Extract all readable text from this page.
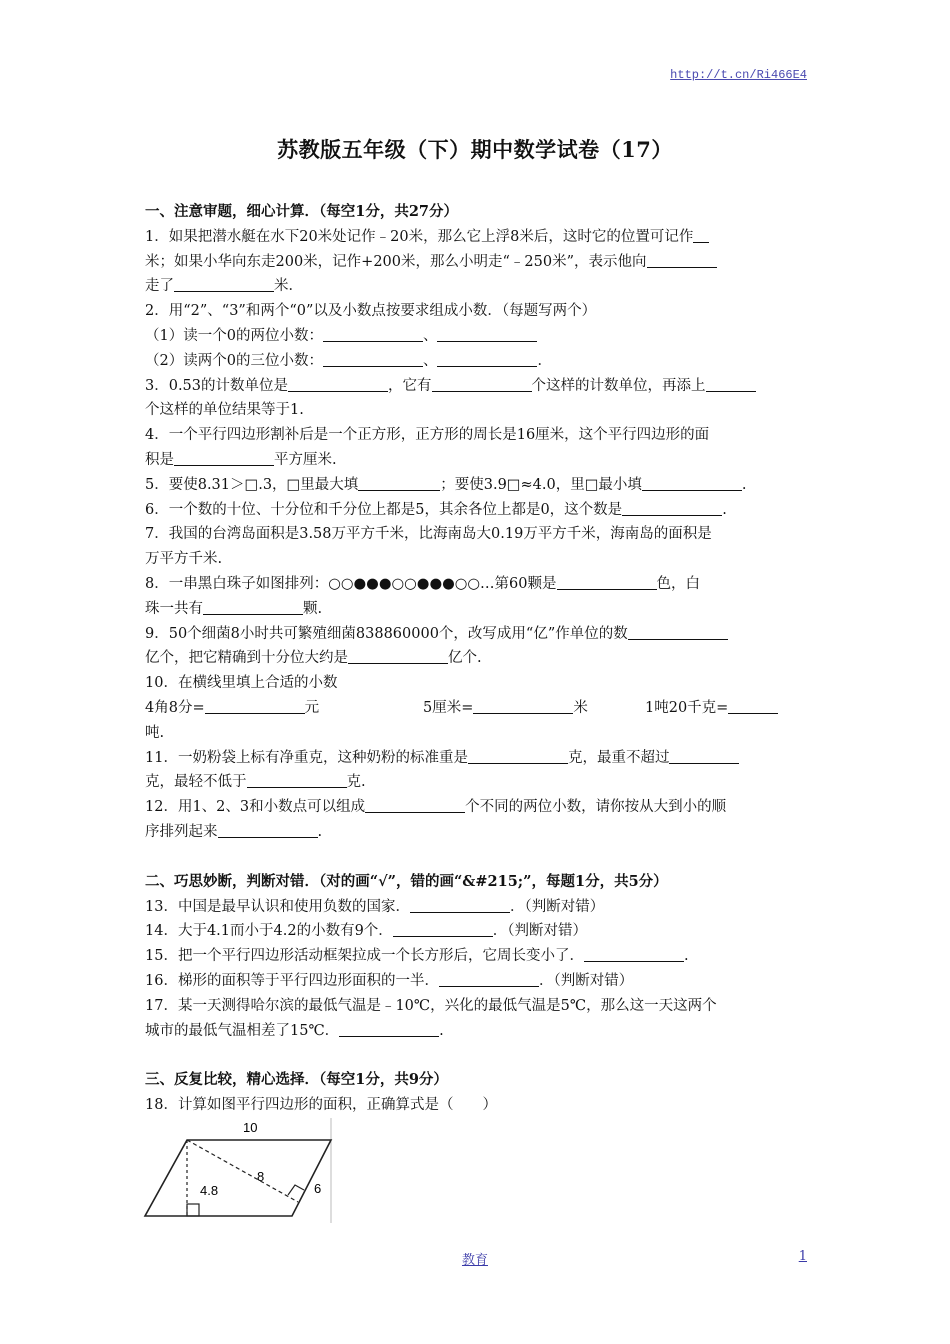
http://t.cn/Ri466E4
苏教版五年级（下）期中数学试卷（17）
一、注意审题，细心计算．（每空1分，共27分）
1．如果把潜水艇在水下20米处记作﹣20米，那么它上浮8米后，这时它的位置可记作
米；如果小华向东走200米，记作+200米，那么小明走“﹣250米”，表示他向
走了	米．
2．用“2”、“3”和两个“0”以及小数点按要求组成小数．（每题写两个）
（1）读一个0的两位小数：	、
（2）读两个0的三位小数：	、	．
3．0.53的计数单位是	，它有	个这样的计数单位，再添上
个这样的单位结果等于1.
4．一个平行四边形割补后是一个正方形，正方形的周长是16厘米，这个平行四边形的面
积是	平方厘米.
5．要使8.31＞□.3，□里最大填	；要使3.9□≈4.0，里□最小填	.
6．一个数的十位、十分位和千分位上都是5，其余各位上都是0，这个数是	.
7．我国的台湾岛面积是3.58万平方千米，比海南岛大0.19万平方千米，海南岛的面积是
万平方千米.
8．一串黑白珠子如图排列：○○●●●○○●●●○○…第60颗是	色，白
珠一共有	颗.
9．50个细菌8小时共可繁殖细菌838860000个，改写成用“亿”作单位的数
亿个，把它精确到十分位大约是	亿个.
10．在横线里填上合适的小数
4角8分=	元	5厘米=	米	1吨20千克=
吨.
11．一奶粉袋上标有净重克，这种奶粉的标准重是	克，最重不超过
克，最轻不低于	克.
12．用1、2、3和小数点可以组成	个不同的两位小数，请你按从大到小的顺
序排列起来	.
二、巧思妙断，判断对错．（对的画“√”，错的画“&#215;”，每题1分，共5分）
13．中国是最早认识和使用负数的国家．	．（判断对错）
14．大于4.1而小于4.2的小数有9个．	．（判断对错）
15．把一个平行四边形活动框架拉成一个长方形后，它周长变小了．	.
16．梯形的面积等于平行四边形面积的一半．	．（判断对错）
17．某一天测得哈尔滨的最低气温是﹣10℃，兴化的最低气温是5℃，那么这一天这两个
城市的最低气温相差了15℃．	.
三、反复比较，精心选择．（每空1分，共9分）
18．计算如图平行四边形的面积，正确算式是（　　）
10
8
4.8	6
教育	1
